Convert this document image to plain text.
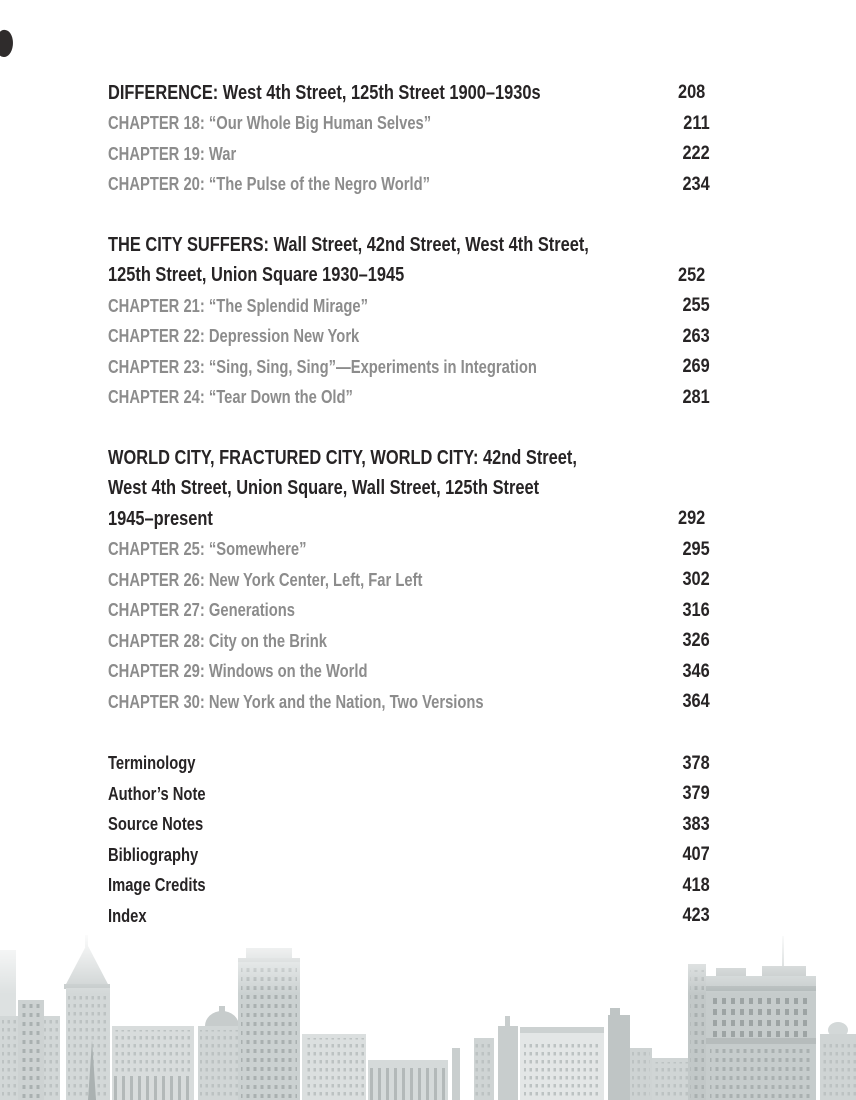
DIFFERENCE: West 4th Street, 125th Street 1900–1930s	208
CHAPTER 18: “Our Whole Big Human Selves”	211
CHAPTER 19: War	222
CHAPTER 20: “The Pulse of the Negro World”	234
THE CITY SUFFERS: Wall Street, 42nd Street, West 4th Street,
125th Street, Union Square 1930–1945	252
CHAPTER 21: “The Splendid Mirage”	255
CHAPTER 22: Depression New York	263
CHAPTER 23: “Sing, Sing, Sing”—Experiments in Integration	269
CHAPTER 24: “Tear Down the Old”	281
WORLD CITY, FRACTURED CITY, WORLD CITY: 42nd Street,
West 4th Street, Union Square, Wall Street, 125th Street
1945–present	292
CHAPTER 25: “Somewhere”	295
CHAPTER 26: New York Center, Left, Far Left	302
CHAPTER 27: Generations	316
CHAPTER 28: City on the Brink	326
CHAPTER 29: Windows on the World	346
CHAPTER 30: New York and the Nation, Two Versions	364
Terminology	378
Author’s Note	379
Source Notes	383
Bibliography	407
Image Credits	418
Index	423
